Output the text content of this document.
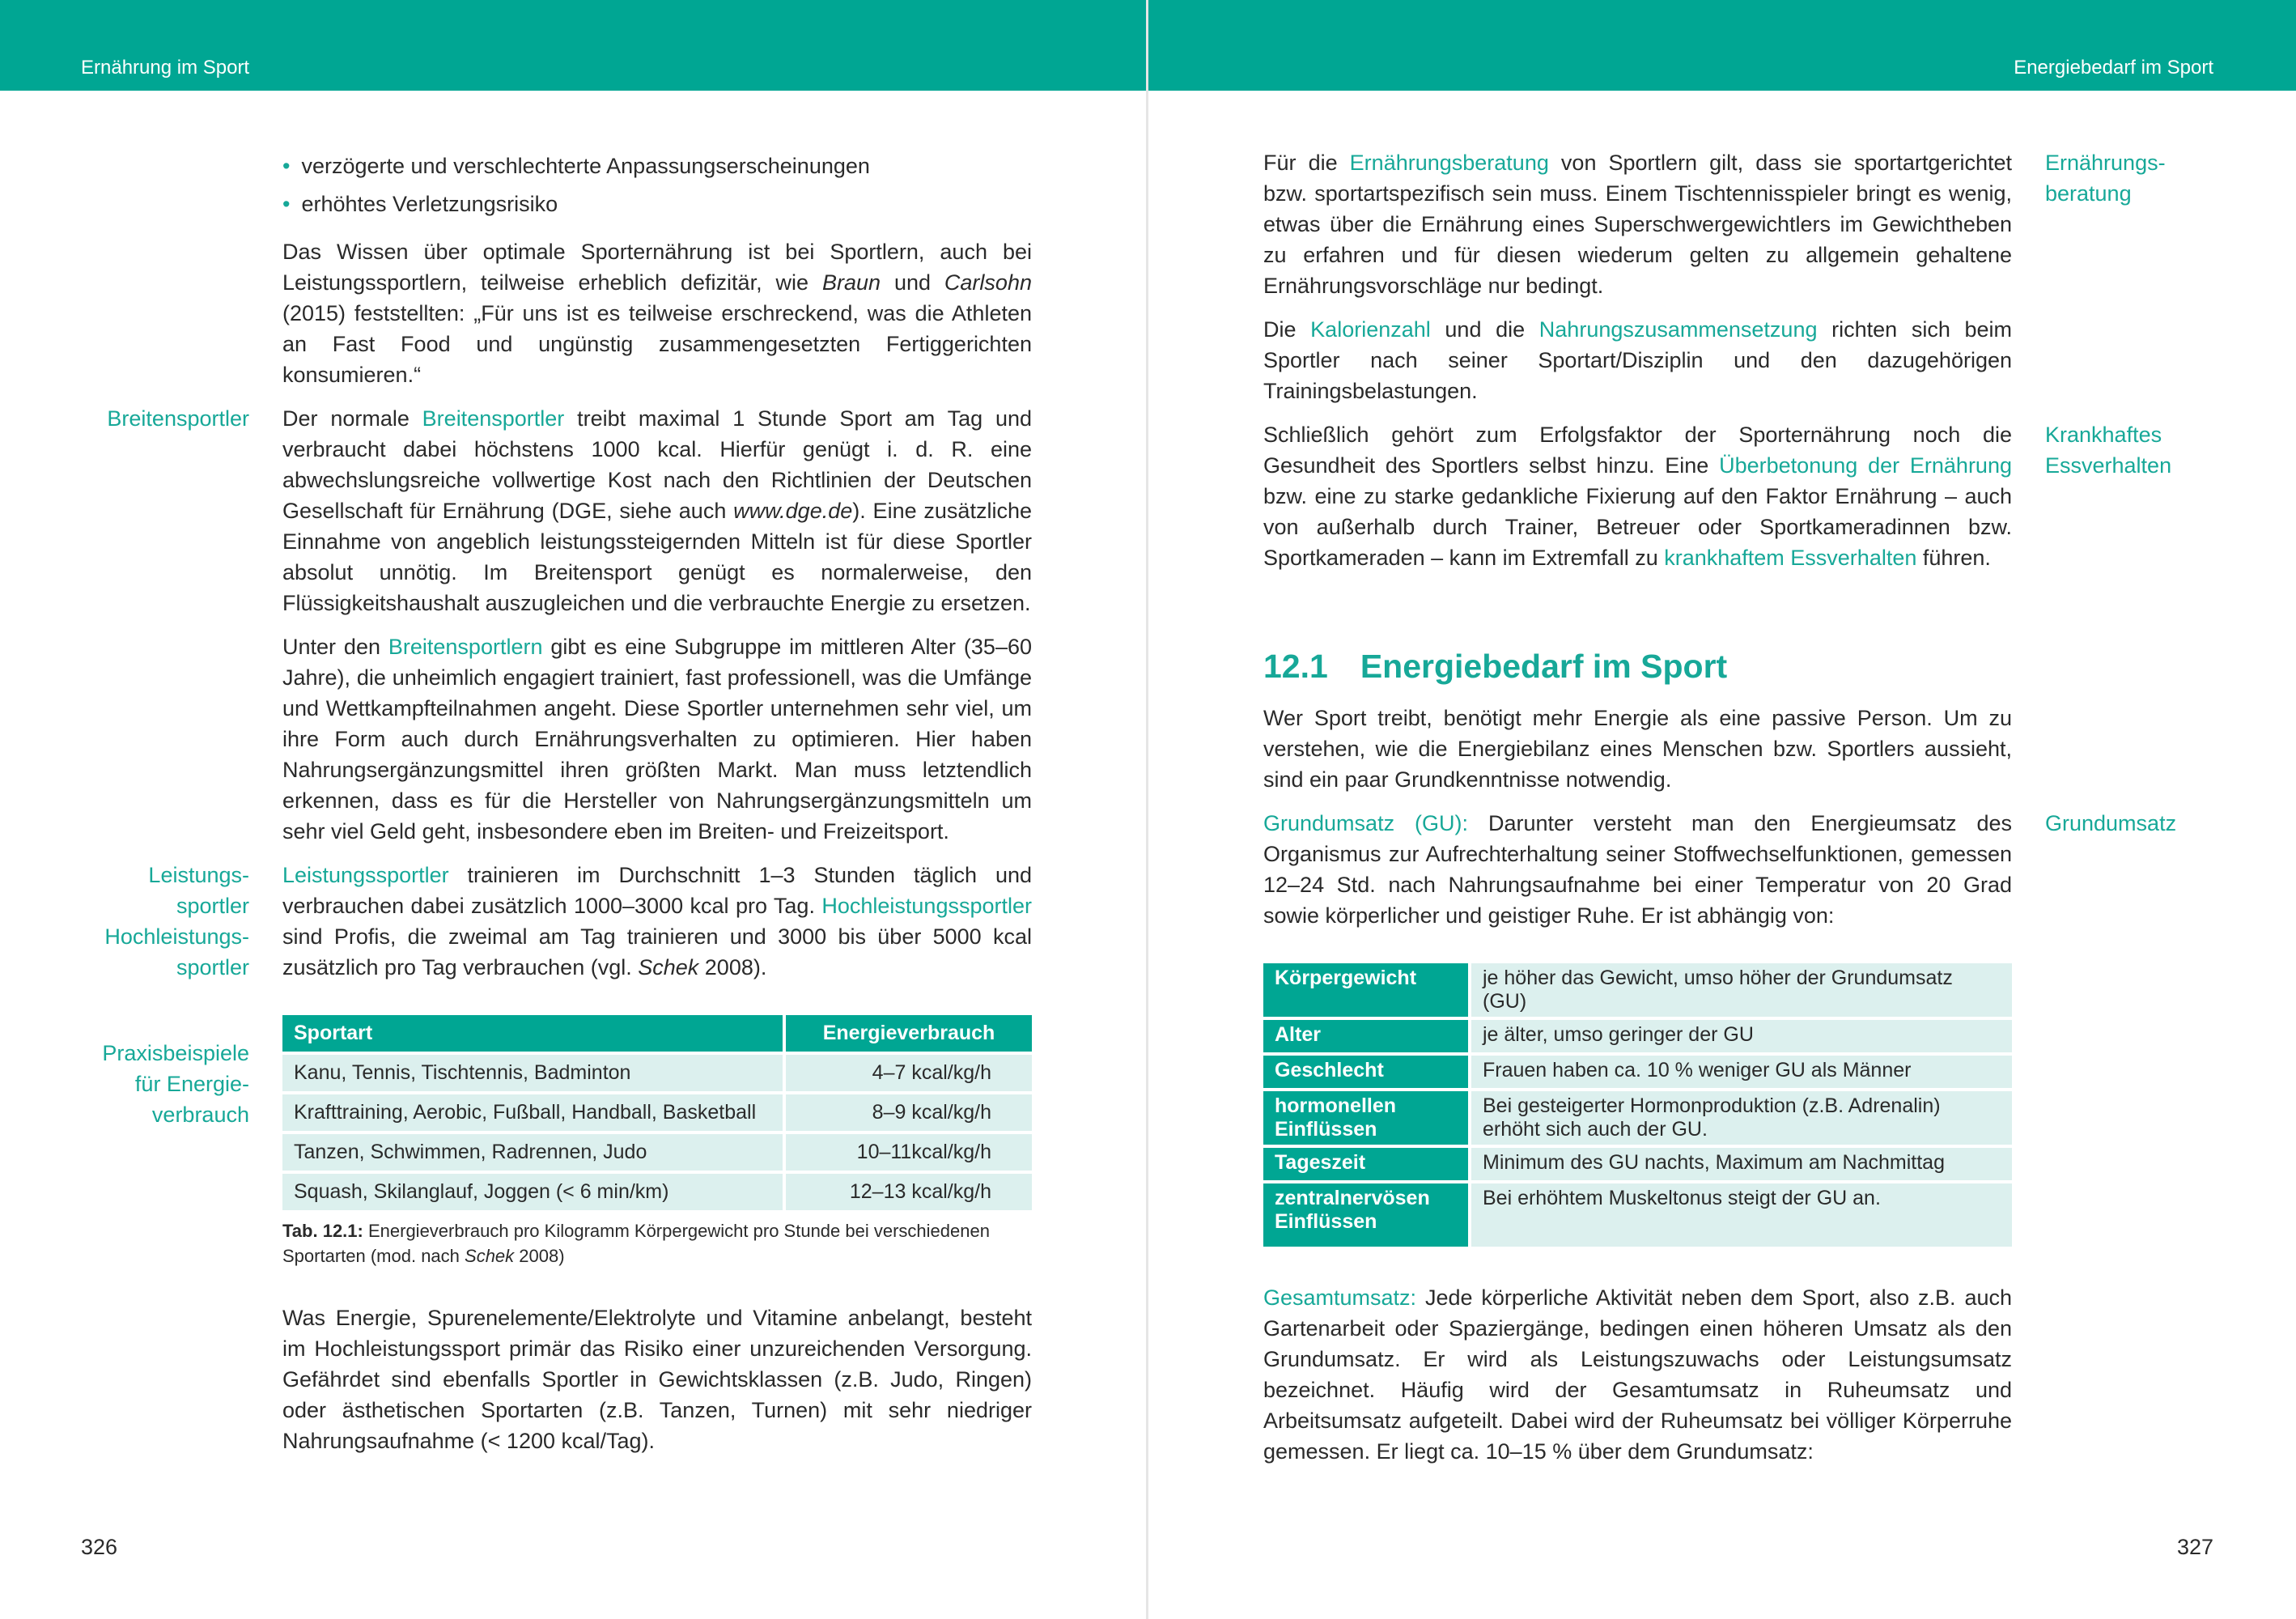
Ernährung im Sport	Energiebedarf im Sport
• verzögerte und verschlechterte Anpassungserscheinungen
• erhöhtes Verletzungsrisiko
Das Wissen über optimale Sporternährung ist bei Sportlern, auch bei Leistungssportlern, teilweise erheblich defizitär, wie Braun und Carlsohn (2015) feststellten: „Für uns ist es teilweise erschreckend, was die Athleten an Fast Food und ungünstig zusammengesetzten Fertiggerichten konsumieren.“
Breitensportler Der normale Breitensportler treibt maximal 1 Stunde Sport am Tag und verbraucht dabei höchstens 1000 kcal. Hierfür genügt i. d. R. eine abwechslungsreiche vollwertige Kost nach den Richtlinien der Deutschen Gesellschaft für Ernährung (DGE, siehe auch www.dge.de). Eine zusätzliche Einnahme von angeblich leistungssteigernden Mitteln ist für diese Sportler absolut unnötig. Im Breitensport genügt es normalerweise, den Flüssigkeitshaushalt auszugleichen und die verbrauchte Energie zu ersetzen.
Unter den Breitensportlern gibt es eine Subgruppe im mittleren Alter (35–60 Jahre), die unheimlich engagiert trainiert, fast professionell, was die Umfänge und Wettkampfteilnahmen angeht. Diese Sportler unternehmen sehr viel, um ihre Form auch durch Ernährungsverhalten zu optimieren. Hier haben Nahrungsergänzungsmittel ihren größten Markt. Man muss letztendlich erkennen, dass es für die Hersteller von Nahrungsergänzungsmitteln um sehr viel Geld geht, insbesondere eben im Breiten- und Freizeitsport.
Leistungs-
sportler
Hochleistungs-
sportler
Leistungssportler trainieren im Durchschnitt 1–3 Stunden täglich und verbrauchen dabei zusätzlich 1000–3000 kcal pro Tag. Hochleistungssportler sind Profis, die zweimal am Tag trainieren und 3000 bis über 5000 kcal zusätzlich pro Tag verbrauchen (vgl. Schek 2008).
Praxisbeispiele
für Energie-
verbrauch
Sportart	Energieverbrauch
Kanu, Tennis, Tischtennis, Badminton	4–7 kcal/kg/h
Krafttraining, Aerobic, Fußball, Handball, Basketball	8–9 kcal/kg/h
Tanzen, Schwimmen, Radrennen, Judo	10–11kcal/kg/h
Squash, Skilanglauf, Joggen (< 6 min/km)	12–13 kcal/kg/h
Tab. 12.1: Energieverbrauch pro Kilogramm Körpergewicht pro Stunde bei verschiedenen Sportarten (mod. nach Schek 2008)
Was Energie, Spurenelemente/Elektrolyte und Vitamine anbelangt, besteht im Hochleistungssport primär das Risiko einer unzureichenden Versorgung. Gefährdet sind ebenfalls Sportler in Gewichtsklassen (z.B. Judo, Ringen) oder ästhetischen Sportarten (z.B. Tanzen, Turnen) mit sehr niedriger Nahrungsaufnahme (< 1200 kcal/Tag).
Ernährungs-
beratung
Für die Ernährungsberatung von Sportlern gilt, dass sie sportartgerichtet bzw. sportartspezifisch sein muss. Einem Tischtennisspieler bringt es wenig, etwas über die Ernährung eines Superschwergewichtlers im Gewichtheben zu erfahren und für diesen wiederum gelten zu allgemein gehaltene Ernährungsvorschläge nur bedingt.
Die Kalorienzahl und die Nahrungszusammensetzung richten sich beim Sportler nach seiner Sportart/Disziplin und den dazugehörigen Trainingsbelastungen.
Krankhaftes
Essverhalten
Schließlich gehört zum Erfolgsfaktor der Sporternährung noch die Gesundheit des Sportlers selbst hinzu. Eine Überbetonung der Ernährung bzw. eine zu starke gedankliche Fixierung auf den Faktor Ernährung – auch von außerhalb durch Trainer, Betreuer oder Sportkameradinnen bzw. Sportkameraden – kann im Extremfall zu krankhaftem Essverhalten führen.
12.1 Energiebedarf im Sport
Wer Sport treibt, benötigt mehr Energie als eine passive Person. Um zu verstehen, wie die Energiebilanz eines Menschen bzw. Sportlers aussieht, sind ein paar Grundkenntnisse notwendig.
Grundumsatz
Grundumsatz (GU): Darunter versteht man den Energieumsatz des Organismus zur Aufrechterhaltung seiner Stoffwechselfunktionen, gemessen 12–24 Std. nach Nahrungsaufnahme bei einer Temperatur von 20 Grad sowie körperlicher und geistiger Ruhe. Er ist abhängig von:
Körpergewicht	je höher das Gewicht, umso höher der Grundumsatz (GU)
Alter	je älter, umso geringer der GU
Geschlecht	Frauen haben ca. 10 % weniger GU als Männer
hormonellen Einflüssen	Bei gesteigerter Hormonproduktion (z.B. Adrenalin) erhöht sich auch der GU.
Tageszeit	Minimum des GU nachts, Maximum am Nachmittag
zentralnervösen Einflüssen	Bei erhöhtem Muskeltonus steigt der GU an.
Gesamtumsatz: Jede körperliche Aktivität neben dem Sport, also z.B. auch Gartenarbeit oder Spaziergänge, bedingen einen höheren Umsatz als den Grundumsatz. Er wird als Leistungszuwachs oder Leistungsumsatz bezeichnet. Häufig wird der Gesamtumsatz in Ruheumsatz und Arbeitsumsatz aufgeteilt. Dabei wird der Ruheumsatz bei völliger Körperruhe gemessen. Er liegt ca. 10–15 % über dem Grundumsatz:
326	327
